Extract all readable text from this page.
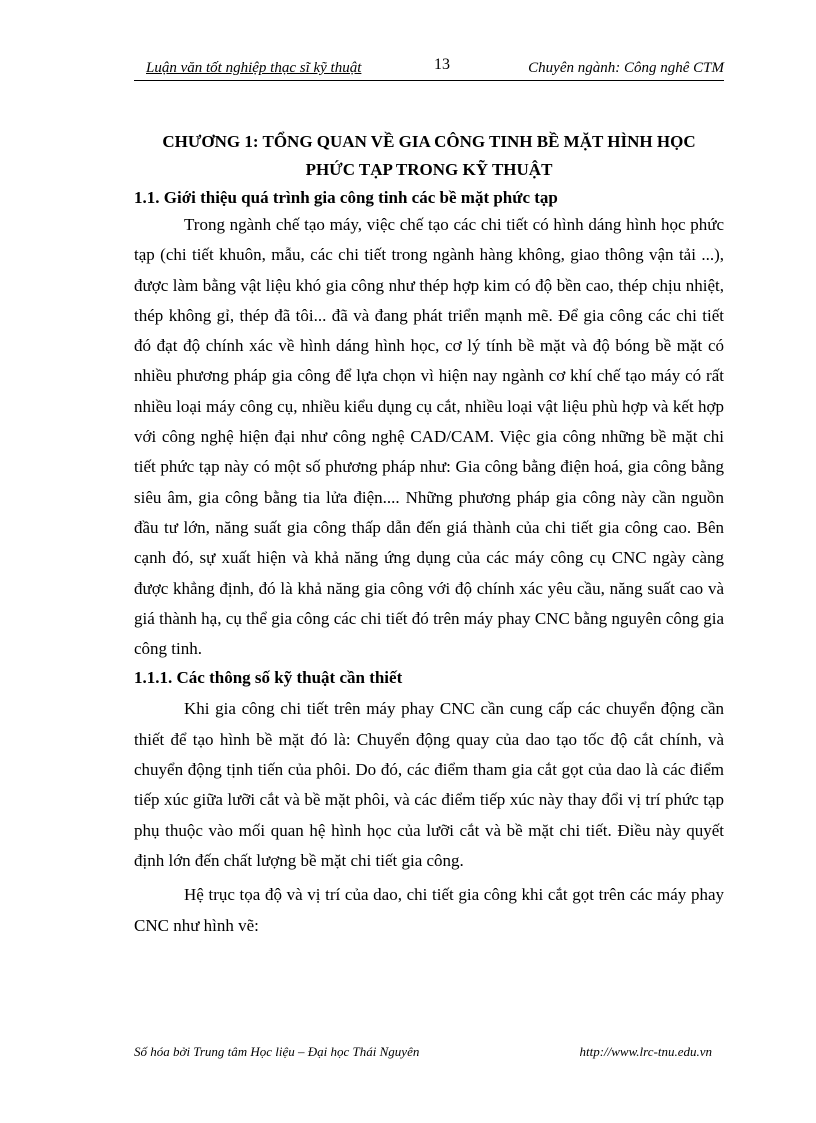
Luận văn tốt nghiệp thạc sĩ kỹ thuật	13	Chuyên ngành: Công nghê CTM
CHƯƠNG 1: TỔNG QUAN VỀ GIA CÔNG TINH BỀ MẶT HÌNH HỌC
PHỨC TẠP TRONG KỸ THUẬT
1.1. Giới thiệu quá trình gia công tinh các bề mặt phức tạp

Trong ngành chế tạo máy, việc chế tạo các chi tiết có hình dáng hình học phức tạp (chi tiết khuôn, mẫu, các chi tiết trong ngành hàng không, giao thông vận tải ...), được làm bằng vật liệu khó gia công như thép hợp kim có độ bền cao, thép chịu nhiệt, thép không gỉ, thép đã tôi... đã và đang phát triển mạnh mẽ. Để gia công các chi tiết đó đạt độ chính xác về hình dáng hình học, cơ lý tính bề mặt và độ bóng bề mặt có nhiều phương pháp gia công để lựa chọn vì hiện nay ngành cơ khí chế tạo máy có rất nhiều loại máy công cụ, nhiều kiểu dụng cụ cắt, nhiều loại vật liệu phù hợp và kết hợp với công nghệ hiện đại như công nghệ CAD/CAM. Việc gia công những bề mặt chi tiết phức tạp này có một số phương pháp như: Gia công bằng điện hoá, gia công bằng siêu âm, gia công bằng tia lửa điện.... Những phương pháp gia công này cần nguồn đầu tư lớn, năng suất gia công thấp dẫn đến giá thành của chi tiết gia công cao. Bên cạnh đó, sự xuất hiện và khả năng ứng dụng của các máy công cụ CNC ngày càng được khẳng định, đó là khả năng gia công với độ chính xác yêu cầu, năng suất cao và giá thành hạ, cụ thể gia công các chi tiết đó trên máy phay CNC bằng nguyên công gia công tinh.

1.1.1. Các thông số kỹ thuật cần thiết

Khi gia công chi tiết trên máy phay CNC cần cung cấp các chuyển động cần thiết để tạo hình bề mặt đó là: Chuyển động quay của dao tạo tốc độ cắt chính, và chuyển động tịnh tiến của phôi. Do đó, các điểm tham gia cắt gọt của dao là các điểm tiếp xúc giữa lưỡi cắt và bề mặt phôi, và các điểm tiếp xúc này thay đổi vị trí phức tạp phụ thuộc vào mối quan hệ hình học của lưỡi cắt và bề mặt chi tiết. Điều này quyết định lớn đến chất lượng bề mặt chi tiết gia công.

Hệ trục tọa độ và vị trí của dao, chi tiết gia công khi cắt gọt trên các máy phay CNC như hình vẽ:

Số hóa bởi Trung tâm Học liệu – Đại học Thái Nguyên	http://www.lrc-tnu.edu.vn
